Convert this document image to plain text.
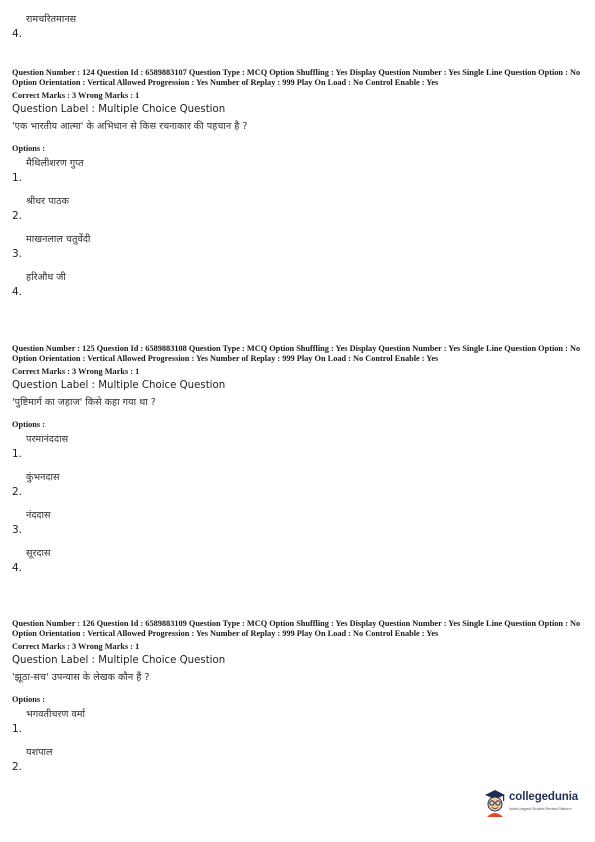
4.
रामचरितमानस

Question Number : 124 Question Id : 6589883107 Question Type : MCQ Option Shuffling : Yes Display Question Number : Yes Single Line Question Option : No Option Orientation : Vertical Allowed Progression : Yes Number of Replay : 999 Play On Load : No Control Enable : Yes

Correct Marks : 3 Wrong Marks : 1
Question Label : Multiple Choice Question
'एक भारतीय आत्मा' के अभिधान से किस रचनाकार की पहचान है ?
Options :
1.
मैथिलीशरण गुप्त
2.
श्रीधर पाठक
3.
माखनलाल चतुर्वेदी
4.
हरिऔध जी

Question Number : 125 Question Id : 6589883108 Question Type : MCQ Option Shuffling : Yes Display Question Number : Yes Single Line Question Option : No Option Orientation : Vertical Allowed Progression : Yes Number of Replay : 999 Play On Load : No Control Enable : Yes

Correct Marks : 3 Wrong Marks : 1
Question Label : Multiple Choice Question
'पुष्टिमार्ग का जहाज' किसे कहा गया था ?
Options :
1.
परमानंददास
2.
कुंभनदास
3.
नंददास
4.
सूरदास

Question Number : 126 Question Id : 6589883109 Question Type : MCQ Option Shuffling : Yes Display Question Number : Yes Single Line Question Option : No Option Orientation : Vertical Allowed Progression : Yes Number of Replay : 999 Play On Load : No Control Enable : Yes

Correct Marks : 3 Wrong Marks : 1
Question Label : Multiple Choice Question
'झूठा-सच' उपन्यास के लेखक कौन हैं ?
Options :
1.
भगवतीचरण वर्मा
2.
यशपाल
collegedunia
India's largest Student Review Platform
